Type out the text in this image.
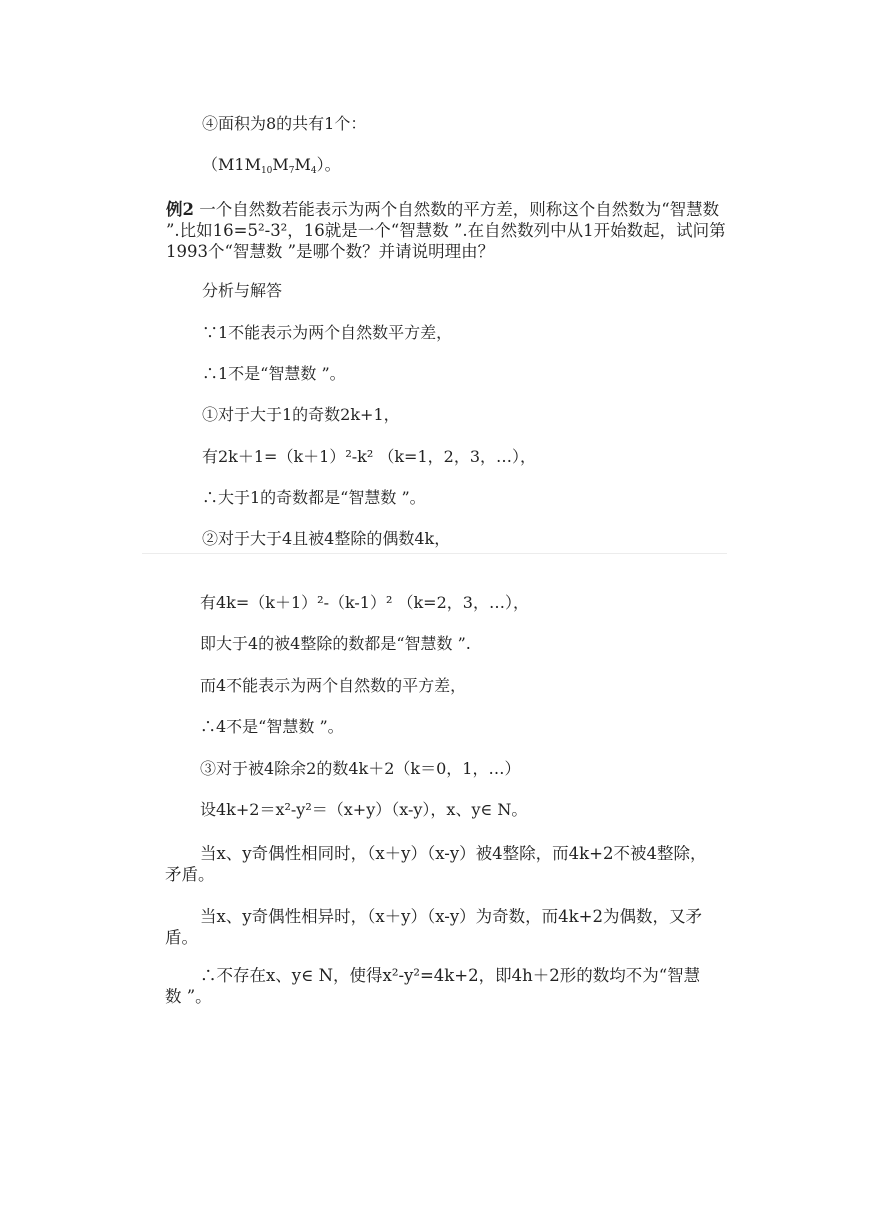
④面积为8的共有1个：
$(M1M_{10}M_7M_4)$。
例2 一个自然数若能表示为两个自然数的平方差，则称这个自然数为“智慧数 ”.比如16=5²-3²，16就是一个“智慧数 ”.在自然数列中从1开始数起，试问第1993个“智慧数 ”是哪个数？并请说明理由？
分析与解答
∵1不能表示为两个自然数平方差，
∴1不是“智慧数 ”。
①对于大于1的奇数2k+1，
有2k＋1=（k＋1）²-k² （k=1，2，3，…），
∴大于1的奇数都是“智慧数 ”。
②对于大于4且被4整除的偶数4k，
有4k=（k＋1）²-（k-1）² （k=2，3，…），
即大于4的被4整除的数都是“智慧数 ”.
而4不能表示为两个自然数的平方差，
∴4不是“智慧数 ”。
③对于被4除余2的数4k＋2（k＝0，1，…）
设4k+2＝x²-y²＝（x+y）（x-y），x、y∈ N。
当x、y奇偶性相同时，（x＋y）（x-y）被4整除，而4k+2不被4整除，矛盾。
当x、y奇偶性相异时，（x＋y）（x-y）为奇数，而4k+2为偶数，又矛盾。
∴不存在x、y∈ N，使得x²-y²=4k+2，即4h＋2形的数均不为“智慧数 ”。
